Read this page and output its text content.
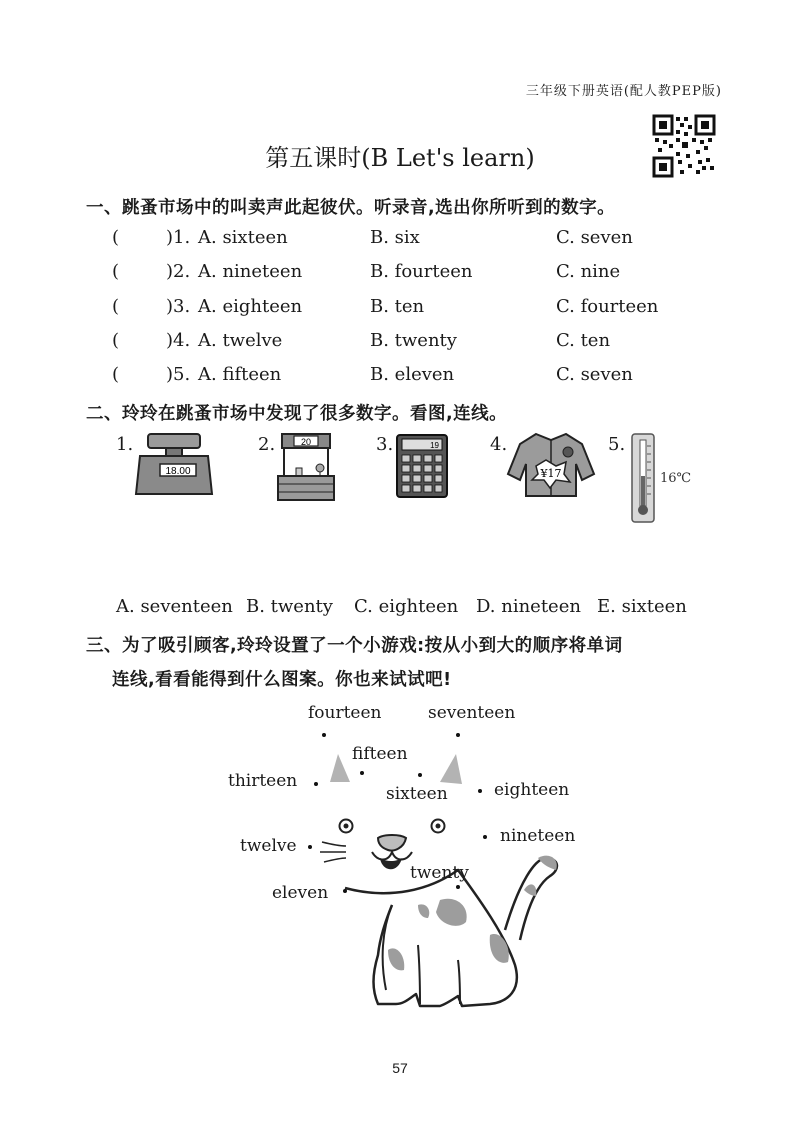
三年级下册英语(配人教PEP版)
第五课时(B Let's learn)
一、跳蚤市场中的叫卖声此起彼伏。听录音,选出你所听到的数字。
(	)1. A. sixteen	B. six	C. seven
(	)2. A. nineteen	B. fourteen	C. nine
(	)3. A. eighteen	B. ten	C. fourteen
(	)4. A. twelve	B. twenty	C. ten
(	)5. A. fifteen	B. eleven	C. seven
二、玲玲在跳蚤市场中发现了很多数字。看图,连线。
1.
18.00
2.	20	3.	19	4.
¥17
5.
16℃
A. seventeen B. twenty C. eighteen D. nineteen E. sixteen
三、为了吸引顾客,玲玲设置了一个小游戏:按从小到大的顺序将单词
连线,看看能得到什么图案。你也来试试吧!
fourteen	seventeen
fifteen
thirteen
sixteen	eighteen
twelve	nineteen
twenty
eleven
57
